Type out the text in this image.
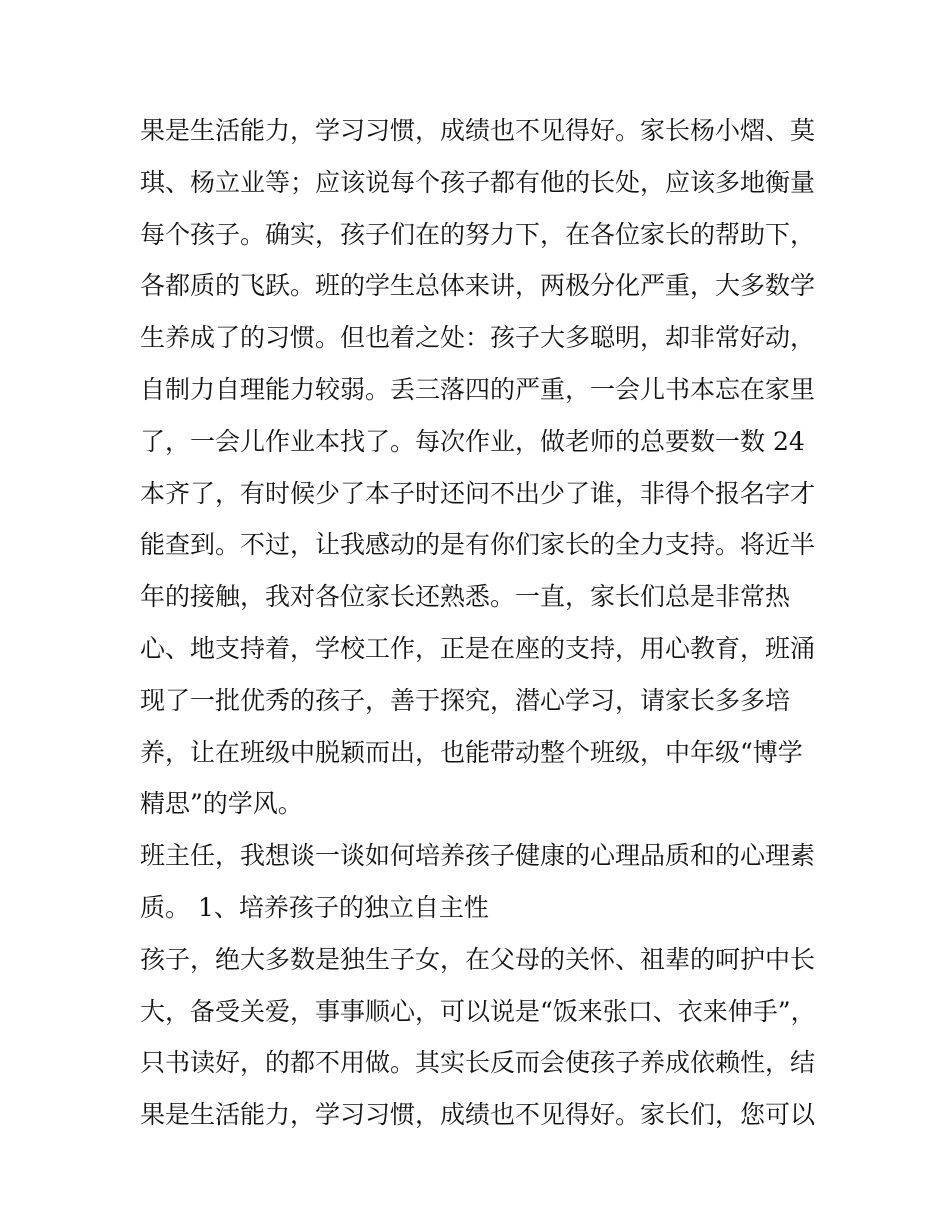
果是生活能力，学习习惯，成绩也不见得好。家长杨小熠、莫
琪、杨立业等；应该说每个孩子都有他的长处，应该多地衡量
每个孩子。确实，孩子们在的努力下，在各位家长的帮助下，
各都质的飞跃。班的学生总体来讲，两极分化严重，大多数学
生养成了的习惯。但也着之处：孩子大多聪明，却非常好动，
自制力自理能力较弱。丢三落四的严重，一会儿书本忘在家里
了，一会儿作业本找了。每次作业，做老师的总要数一数 24
本齐了，有时候少了本子时还问不出少了谁，非得个报名字才
能查到。不过，让我感动的是有你们家长的全力支持。将近半
年的接触，我对各位家长还熟悉。一直，家长们总是非常热
心、地支持着，学校工作，正是在座的支持，用心教育，班涌
现了一批优秀的孩子，善于探究，潜心学习，请家长多多培
养，让在班级中脱颖而出，也能带动整个班级，中年级“博学
精思”的学风。
班主任，我想谈一谈如何培养孩子健康的心理品质和的心理素
质。 1、培养孩子的独立自主性
孩子，绝大多数是独生子女，在父母的关怀、祖辈的呵护中长
大，备受关爱，事事顺心，可以说是“饭来张口、衣来伸手”，
只书读好，的都不用做。其实长反而会使孩子养成依赖性，结
果是生活能力，学习习惯，成绩也不见得好。家长们，您可以
